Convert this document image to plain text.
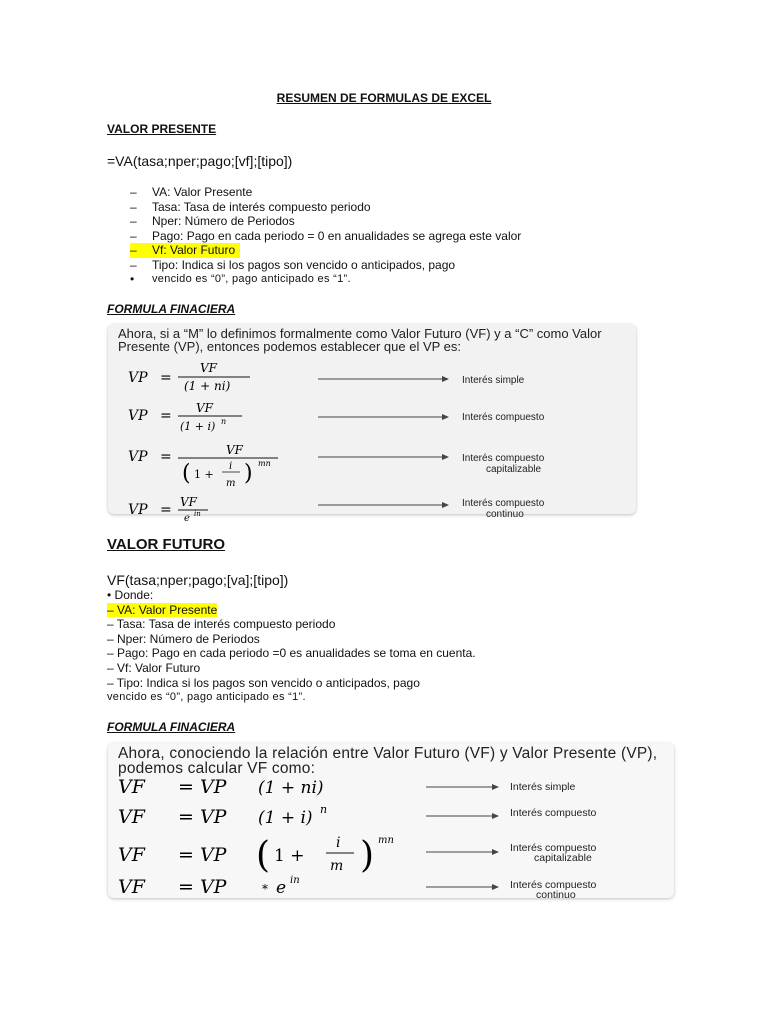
RESUMEN DE FORMULAS DE EXCEL
VALOR PRESENTE
=VA(tasa;nper;pago;[vf];[tipo])
–	VA: Valor Presente
–	Tasa: Tasa de interés compuesto periodo
–	Nper: Número de Periodos
–	Pago: Pago en cada periodo = 0 en anualidades se agrega este valor
–	Vf: Valor Futuro
–	Tipo: Indica si los pagos son vencido o anticipados, pago
•	vencido es “0”, pago anticipado es “1”.
FORMULA FINACIERA
Ahora, si a “M” lo definimos formalmente como Valor Futuro (VF) y a “C” como Valor Presente (VP), entonces podemos establecer que el VP es:
VP =
VF
(1 + ni)	Interés simple
VP = VF
(1 + i) n	Interés compuesto
VP =	VF
( 1 +
i
m ) mn	Interés compuesto
capitalizable
VP = VF
e in
Interés compuesto
continuo
VALOR FUTURO
VF(tasa;nper;pago;[va];[tipo])
• Donde:
– VA: Valor Presente
– Tasa: Tasa de interés compuesto periodo
– Nper: Número de Periodos
– Pago: Pago en cada periodo =0 es anualidades se toma en cuenta.
– Vf: Valor Futuro
– Tipo: Indica si los pagos son vencido o anticipados, pago
vencido es “0”, pago anticipado es “1”.
FORMULA FINACIERA
Ahora, conociendo la relación entre Valor Futuro (VF) y Valor Presente (VP), podemos calcular VF como:
VF = VP (1 + ni)	Interés simple
VF = VP (1 + i) n	Interés compuesto
VF = VP ( 1 +
i
m ) mn
Interés compuesto
capitalizable
VF = VP	* e in	Interés compuesto
continuo
